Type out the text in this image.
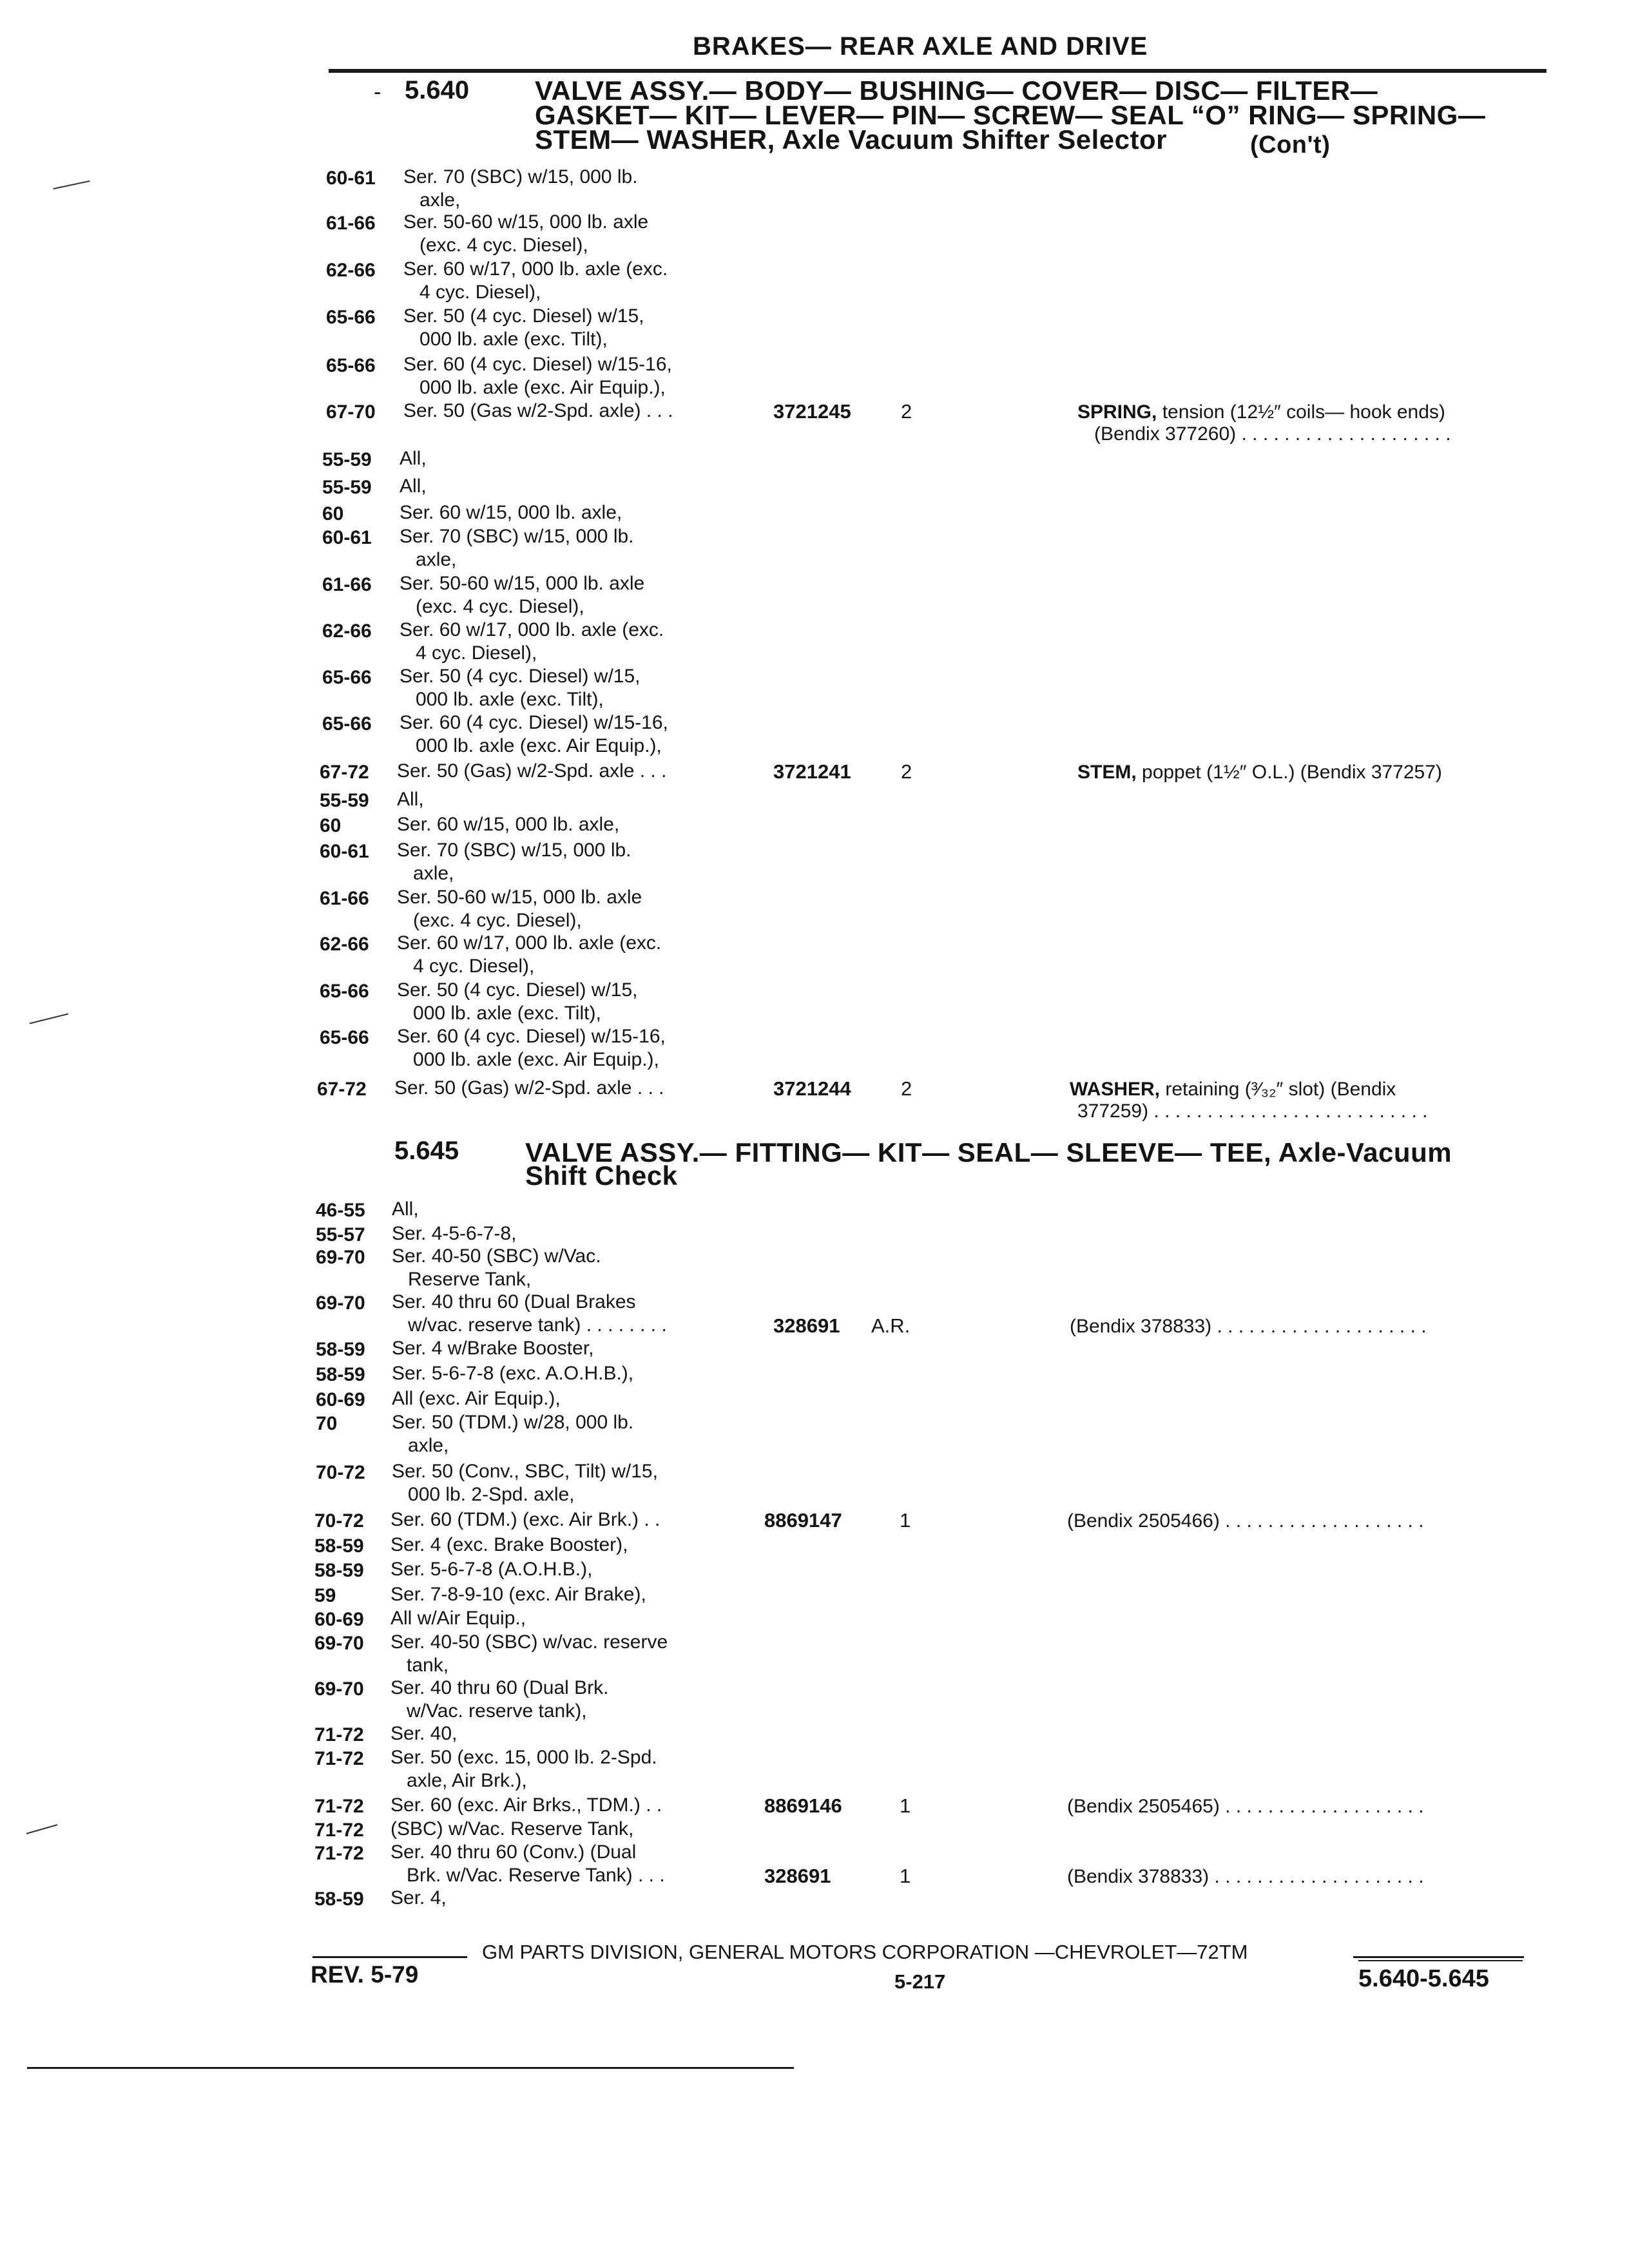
BRAKES— REAR AXLE AND DRIVE
- 5.640 VALVE ASSY.— BODY— BUSHING— COVER— DISC— FILTER—
GASKET— KIT— LEVER— PIN— SCREW— SEAL “O” RING— SPRING—
STEM— WASHER, Axle Vacuum Shifter Selector	(Con't)
5.645 VALVE ASSY.— FITTING— KIT— SEAL— SLEEVE— TEE, Axle-Vacuum
Shift Check
60-61 Ser. 70 (SBC) w/15, 000 lb.
axle,
61-66 Ser. 50-60 w/15, 000 lb. axle
(exc. 4 cyc. Diesel),
62-66 Ser. 60 w/17, 000 lb. axle (exc.
4 cyc. Diesel),
65-66 Ser. 50 (4 cyc. Diesel) w/15,
000 lb. axle (exc. Tilt),
65-66 Ser. 60 (4 cyc. Diesel) w/15-16,
000 lb. axle (exc. Air Equip.),
67-70 Ser. 50 (Gas w/2-Spd. axle) . . .	3721245 2	SPRING, tension (12½″ coils— hook ends)
(Bendix 377260) . . . . . . . . . . . . . . . . . . . .
55-59 All,
55-59 All,
60	Ser. 60 w/15, 000 lb. axle,
60-61 Ser. 70 (SBC) w/15, 000 lb.
axle,
61-66 Ser. 50-60 w/15, 000 lb. axle
(exc. 4 cyc. Diesel),
62-66 Ser. 60 w/17, 000 lb. axle (exc.
4 cyc. Diesel),
65-66 Ser. 50 (4 cyc. Diesel) w/15,
000 lb. axle (exc. Tilt),
65-66 Ser. 60 (4 cyc. Diesel) w/15-16,
000 lb. axle (exc. Air Equip.),
67-72 Ser. 50 (Gas) w/2-Spd. axle . . .	3721241 2	STEM, poppet (1½″ O.L.) (Bendix 377257)
55-59 All,
60	Ser. 60 w/15, 000 lb. axle,
60-61 Ser. 70 (SBC) w/15, 000 lb.
axle,
61-66 Ser. 50-60 w/15, 000 lb. axle
(exc. 4 cyc. Diesel),
62-66 Ser. 60 w/17, 000 lb. axle (exc.
4 cyc. Diesel),
65-66 Ser. 50 (4 cyc. Diesel) w/15,
000 lb. axle (exc. Tilt),
65-66 Ser. 60 (4 cyc. Diesel) w/15-16,
000 lb. axle (exc. Air Equip.),
67-72 Ser. 50 (Gas) w/2-Spd. axle . . .	3721244 2	WASHER, retaining (³⁄₃₂″ slot) (Bendix
377259) . . . . . . . . . . . . . . . . . . . . . . . . . .
46-55 All,
55-57 Ser. 4-5-6-7-8,
69-70 Ser. 40-50 (SBC) w/Vac.
Reserve Tank,
69-70 Ser. 40 thru 60 (Dual Brakes
w/vac. reserve tank) . . . . . . . .	328691 A.R.	(Bendix 378833) . . . . . . . . . . . . . . . . . . . .
58-59 Ser. 4 w/Brake Booster,
58-59 Ser. 5-6-7-8 (exc. A.O.H.B.),
60-69 All (exc. Air Equip.),
70	Ser. 50 (TDM.) w/28, 000 lb.
axle,
70-72 Ser. 50 (Conv., SBC, Tilt) w/15,
000 lb. 2-Spd. axle,
70-72 Ser. 60 (TDM.) (exc. Air Brk.) . .	8869147	1	(Bendix 2505466) . . . . . . . . . . . . . . . . . . .
58-59 Ser. 4 (exc. Brake Booster),
58-59 Ser. 5-6-7-8 (A.O.H.B.),
59	Ser. 7-8-9-10 (exc. Air Brake),
60-69 All w/Air Equip.,
69-70 Ser. 40-50 (SBC) w/vac. reserve
tank,
69-70 Ser. 40 thru 60 (Dual Brk.
w/Vac. reserve tank),
71-72 Ser. 40,
71-72 Ser. 50 (exc. 15, 000 lb. 2-Spd.
axle, Air Brk.),
71-72 Ser. 60 (exc. Air Brks., TDM.) . .	8869146	1	(Bendix 2505465) . . . . . . . . . . . . . . . . . . .
71-72 (SBC) w/Vac. Reserve Tank,
71-72 Ser. 40 thru 60 (Conv.) (Dual
Brk. w/Vac. Reserve Tank) . . .	328691	1	(Bendix 378833) . . . . . . . . . . . . . . . . . . . .
58-59 Ser. 4,
GM PARTS DIVISION, GENERAL MOTORS CORPORATION —CHEVROLET—72TM
REV. 5-79	5-217	5.640-5.645
